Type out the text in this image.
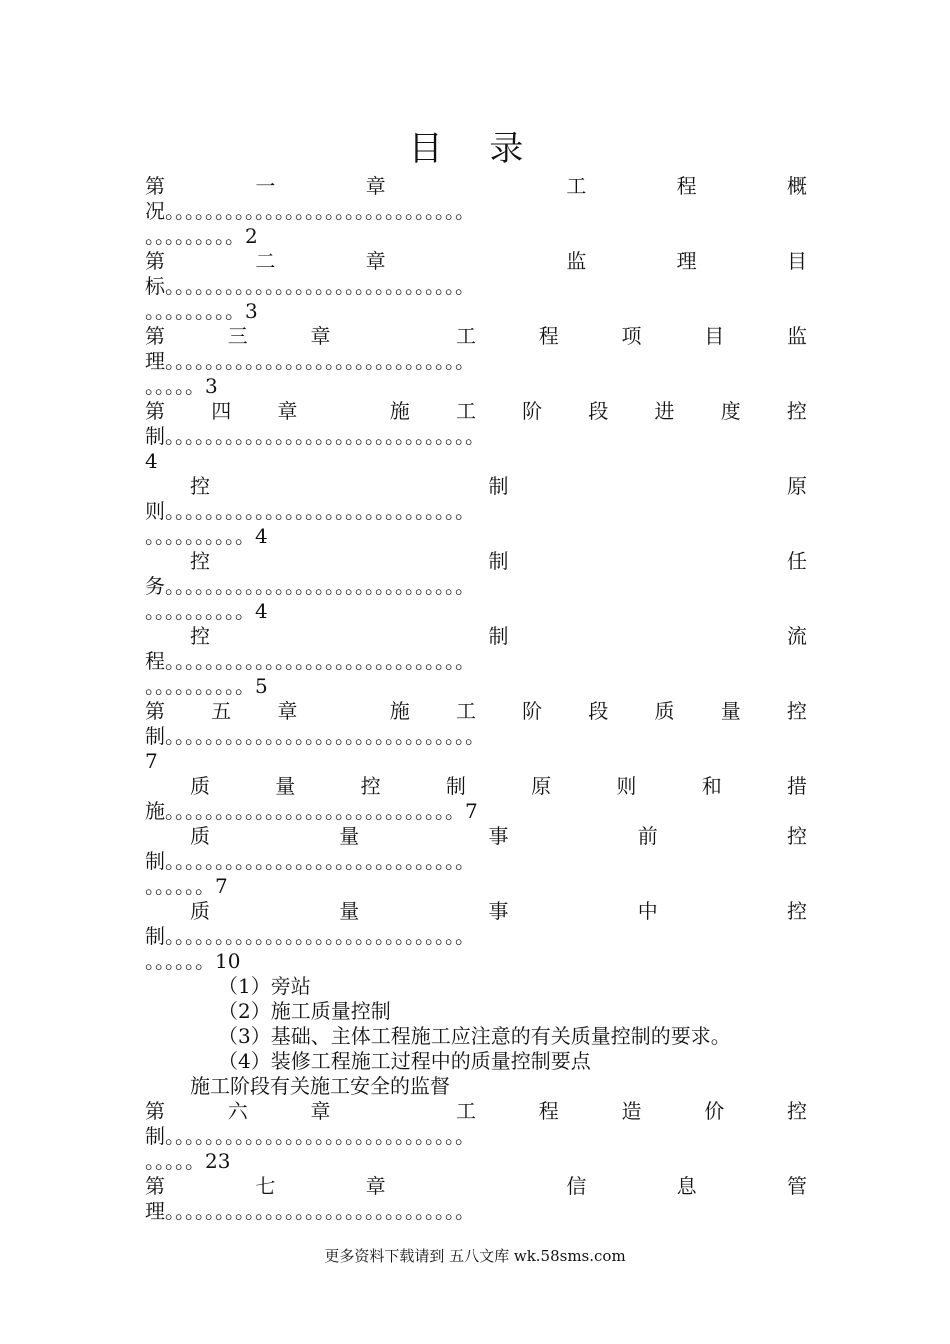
目 录
第	一	章	工	程	概
况。。。。。。。。。。。。。。。。。。。。。。。。。。。。。。
。。。。。。。。。2
第	二	章	监	理	目
标。。。。。。。。。。。。。。。。。。。。。。。。。。。。。。
。。。。。。。。。3
第	三	章	工	程	项	目	监
理。。。。。。。。。。。。。。。。。。。。。。。。。。。。。。
。。。。。3
第 四 章	施 工 阶 段 进 度 控
制。。。。。。。。。。。。。。。。。。。。。。。。。。。。。。。
4
控	制	原
则。。。。。。。。。。。。。。。。。。。。。。。。。。。。。。
。。。。。。。。。。4
控	制	任
务。。。。。。。。。。。。。。。。。。。。。。。。。。。。。。
。。。。。。。。。。4
控	制	流
程。。。。。。。。。。。。。。。。。。。。。。。。。。。。。。
。。。。。。。。。。5
第 五 章	施 工 阶 段 质 量 控
制。。。。。。。。。。。。。。。。。。。。。。。。。。。。。。。
7
质	量	控	制	原	则	和	措
施。。。。。。。。。。。。。。。。。。。。。。。。。。。。。7
质	量	事	前	控
制。。。。。。。。。。。。。。。。。。。。。。。。。。。。。。
。。。。。。7
质	量	事	中	控
制。。。。。。。。。。。。。。。。。。。。。。。。。。。。。。
。。。。。。10
（1）旁站
（2）施工质量控制
（3）基础、主体工程施工应注意的有关质量控制的要求。
（4）装修工程施工过程中的质量控制要点
施工阶段有关施工安全的监督
第	六	章	工	程	造	价	控
制。。。。。。。。。。。。。。。。。。。。。。。。。。。。。。
。。。。。23
第	七	章	信	息	管
理。。。。。。。。。。。。。。。。。。。。。。。。。。。。。。
更多资料下载请到 五八文库 wk.58sms.com
